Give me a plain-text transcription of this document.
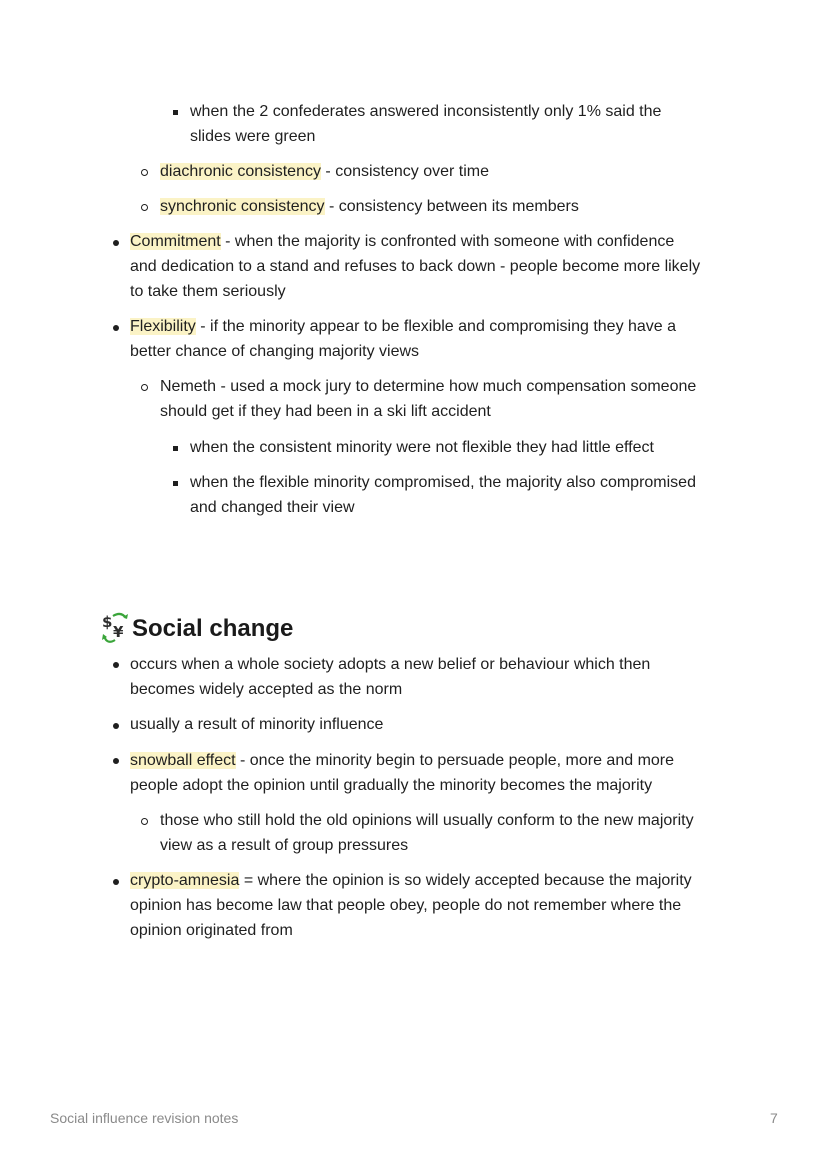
when the 2 confederates answered inconsistently only 1% said the
slides were green
diachronic consistency - consistency over time
synchronic consistency - consistency between its members
Commitment - when the majority is confronted with someone with confidence
and dedication to a stand and refuses to back down - people become more likely
to take them seriously
Flexibility - if the minority appear to be flexible and compromising they have a
better chance of changing majority views
Nemeth - used a mock jury to determine how much compensation someone
should get if they had been in a ski lift accident
when the consistent minority were not flexible they had little effect
when the flexible minority compromised, the majority also compromised
and changed their view
$
¥ Social change
occurs when a whole society adopts a new belief or behaviour which then
becomes widely accepted as the norm
usually a result of minority influence
snowball effect - once the minority begin to persuade people, more and more
people adopt the opinion until gradually the minority becomes the majority
those who still hold the old opinions will usually conform to the new majority
view as a result of group pressures
crypto-amnesia = where the opinion is so widely accepted because the majority
opinion has become law that people obey, people do not remember where the
opinion originated from
Social influence revision notes	7
